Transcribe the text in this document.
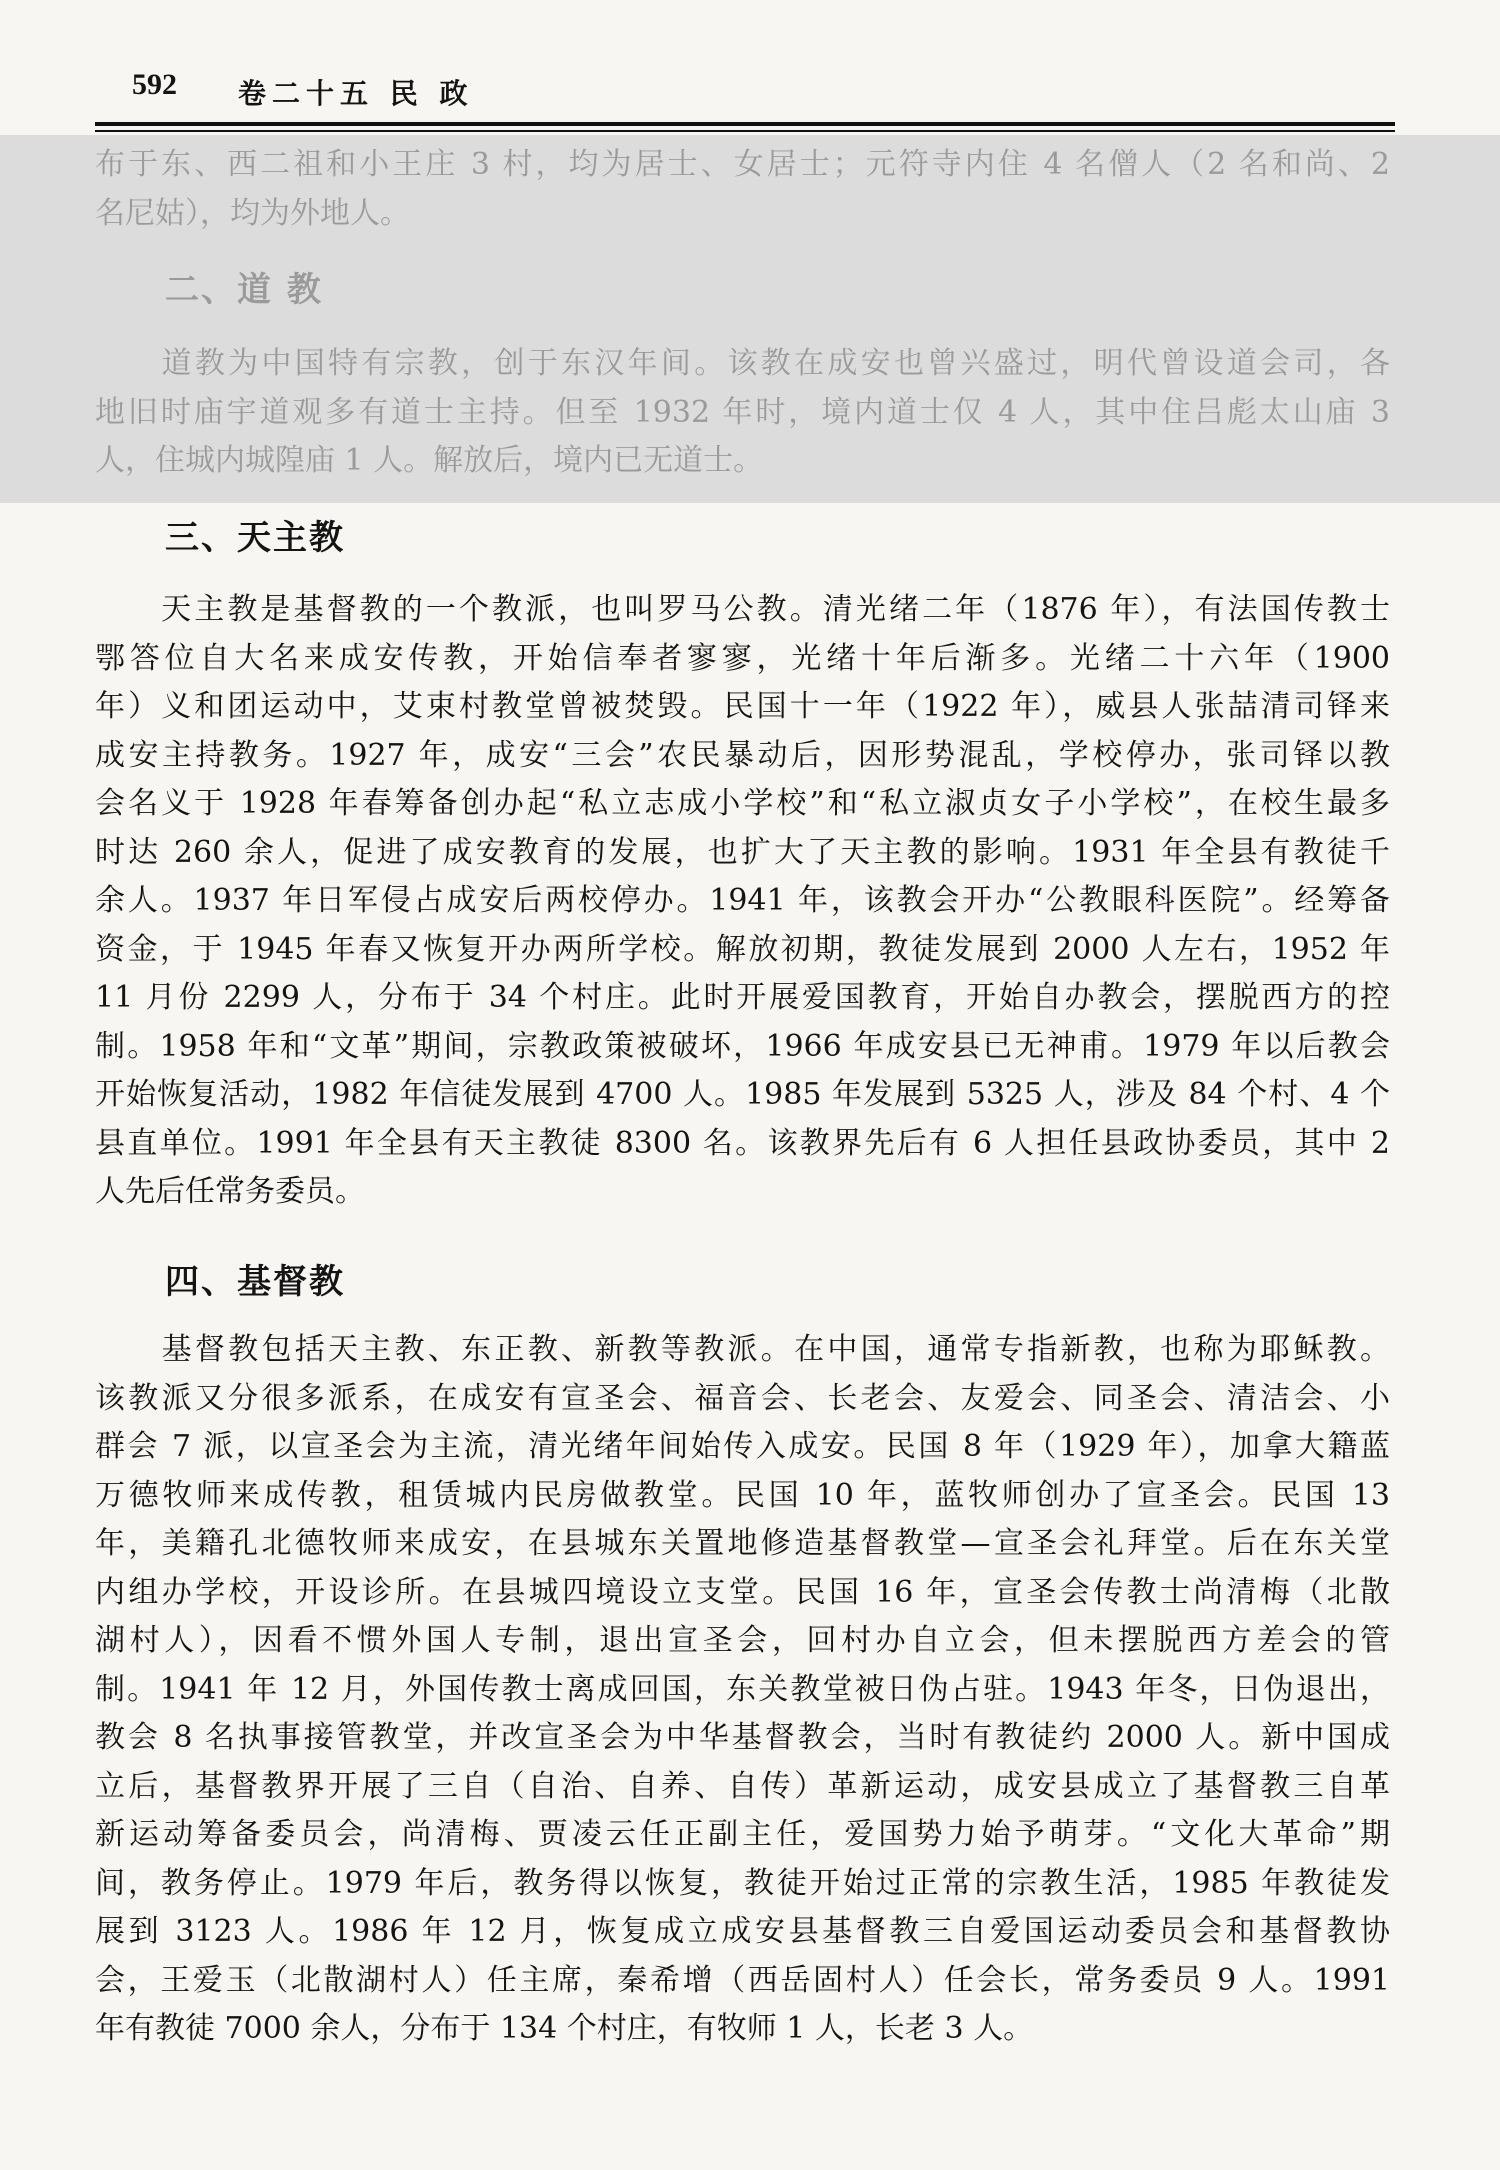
592 卷二十五 民 政
布于东、西二祖和小王庄 3 村，均为居士、女居士；元符寺内住 4 名僧人（2 名和尚、2
名尼姑），均为外地人。
二、道 教
　　道教为中国特有宗教，创于东汉年间。该教在成安也曾兴盛过，明代曾设道会司，各
地旧时庙宇道观多有道士主持。但至 1932 年时，境内道士仅 4 人，其中住吕彪太山庙 3
人，住城内城隍庙 1 人。解放后，境内已无道士。
三、天主教
　　天主教是基督教的一个教派，也叫罗马公教。清光绪二年（1876 年），有法国传教士
鄂答位自大名来成安传教，开始信奉者寥寥，光绪十年后渐多。光绪二十六年（1900
年）义和团运动中，艾束村教堂曾被焚毁。民国十一年（1922 年），威县人张喆清司铎来
成安主持教务。1927 年，成安“三会”农民暴动后，因形势混乱，学校停办，张司铎以教
会名义于 1928 年春筹备创办起“私立志成小学校”和“私立淑贞女子小学校”，在校生最多
时达 260 余人，促进了成安教育的发展，也扩大了天主教的影响。1931 年全县有教徒千
余人。1937 年日军侵占成安后两校停办。1941 年，该教会开办“公教眼科医院”。经筹备
资金，于 1945 年春又恢复开办两所学校。解放初期，教徒发展到 2000 人左右，1952 年
11 月份 2299 人，分布于 34 个村庄。此时开展爱国教育，开始自办教会，摆脱西方的控
制。1958 年和“文革”期间，宗教政策被破坏，1966 年成安县已无神甫。1979 年以后教会
开始恢复活动，1982 年信徒发展到 4700 人。1985 年发展到 5325 人，涉及 84 个村、4 个
县直单位。1991 年全县有天主教徒 8300 名。该教界先后有 6 人担任县政协委员，其中 2
人先后任常务委员。
四、基督教
　　基督教包括天主教、东正教、新教等教派。在中国，通常专指新教，也称为耶稣教。
该教派又分很多派系，在成安有宣圣会、福音会、长老会、友爱会、同圣会、清洁会、小
群会 7 派，以宣圣会为主流，清光绪年间始传入成安。民国 8 年（1929 年），加拿大籍蓝
万德牧师来成传教，租赁城内民房做教堂。民国 10 年，蓝牧师创办了宣圣会。民国 13
年，美籍孔北德牧师来成安，在县城东关置地修造基督教堂—宣圣会礼拜堂。后在东关堂
内组办学校，开设诊所。在县城四境设立支堂。民国 16 年，宣圣会传教士尚清梅（北散
湖村人），因看不惯外国人专制，退出宣圣会，回村办自立会，但未摆脱西方差会的管
制。1941 年 12 月，外国传教士离成回国，东关教堂被日伪占驻。1943 年冬，日伪退出，
教会 8 名执事接管教堂，并改宣圣会为中华基督教会，当时有教徒约 2000 人。新中国成
立后，基督教界开展了三自（自治、自养、自传）革新运动，成安县成立了基督教三自革
新运动筹备委员会，尚清梅、贾凌云任正副主任，爱国势力始予萌芽。“文化大革命”期
间，教务停止。1979 年后，教务得以恢复，教徒开始过正常的宗教生活，1985 年教徒发
展到 3123 人。1986 年 12 月，恢复成立成安县基督教三自爱国运动委员会和基督教协
会，王爱玉（北散湖村人）任主席，秦希增（西岳固村人）任会长，常务委员 9 人。1991
年有教徒 7000 余人，分布于 134 个村庄，有牧师 1 人，长老 3 人。
